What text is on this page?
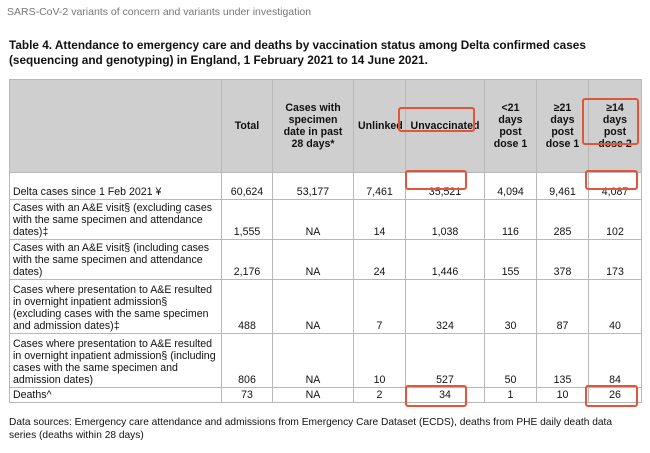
SARS-CoV-2 variants of concern and variants under investigation
Table 4. Attendance to emergency care and deaths by vaccination status among Delta confirmed cases (sequencing and genotyping) in England, 1 February 2021 to 14 June 2021.
	Total	Cases with specimen date in past 28 days*	Unlinked	Unvaccinated	<21 days post dose 1	≥21 days post dose 1	≥14 days post dose 2
Delta cases since 1 Feb 2021 ¥	60,624	53,177	7,461	35,521	4,094	9,461	4,087
Cases with an A&E visit§ (excluding cases with the same specimen and attendance dates)‡	1,555	NA	14	1,038	116	285	102
Cases with an A&E visit§ (including cases with the same specimen and attendance dates)	2,176	NA	24	1,446	155	378	173
Cases where presentation to A&E resulted in overnight inpatient admission§ (excluding cases with the same specimen and admission dates)‡	488	NA	7	324	30	87	40
Cases where presentation to A&E resulted in overnight inpatient admission§ (including cases with the same specimen and admission dates)	806	NA	10	527	50	135	84
Deaths^	73	NA	2	34	1	10	26
Data sources: Emergency care attendance and admissions from Emergency Care Dataset (ECDS), deaths from PHE daily death data series (deaths within 28 days)
